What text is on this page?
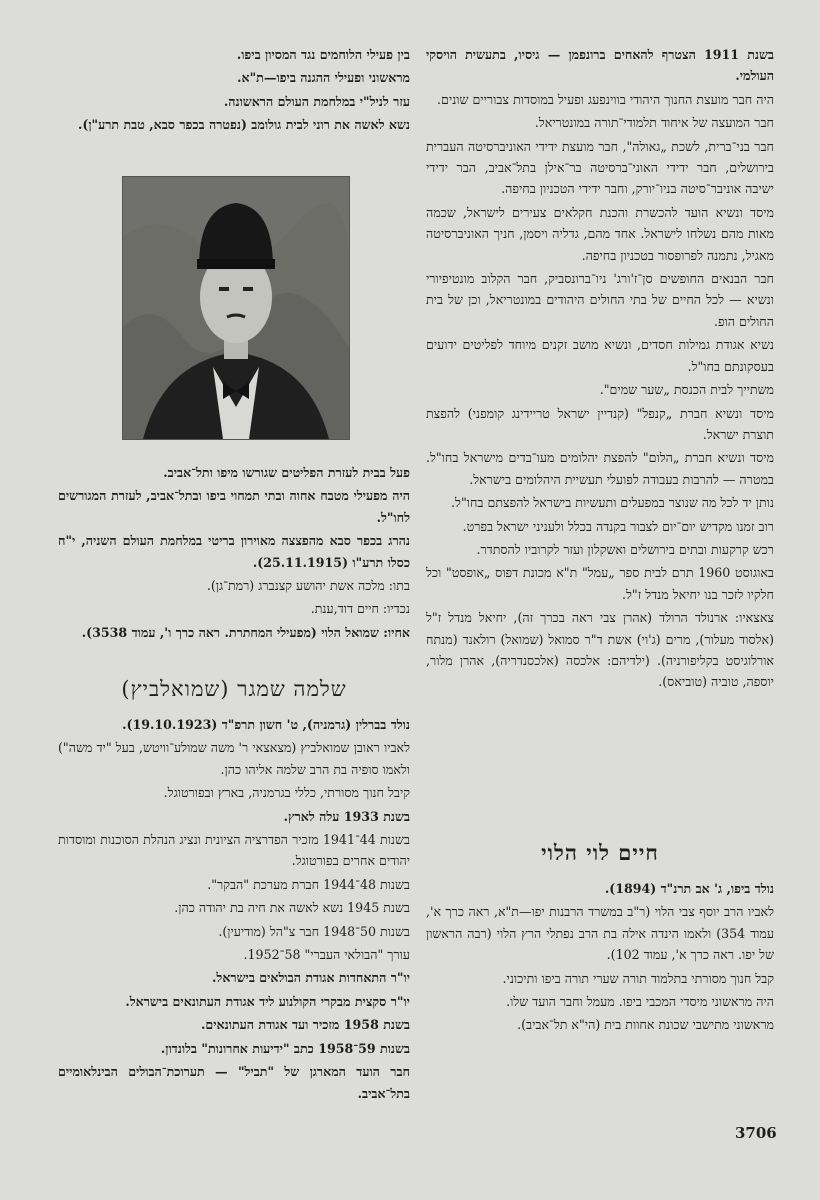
בשנת 1911 הצטרף להאחים ברונפמן — גיסיו, בתעשית הויסקי העולמי.

היה חבר מועצת החנוך היהודי בווינפעג ופעיל במוסדות צבוריים שונים.

חבר המועצה של איחוד תלמודי־תורה במונטריאל.

חבר בני־ברית, לשכת „גאולה", חבר מועצת ידידי האוניברסיטה העברית בירושלים, חבר ידידי האוני־ברסיטה בר־אילן בתל־אביב, הבר ידידי ישיבה אוניבר־סיטה בניו־יורק, וחבר ידידי הטכניון בחיפה.

מיסד ונשיא הועד להכשרת והכנת חקלאים צעירים לישראל, שכמה מאות מהם נשלחו לישראל. אחד מהם, גדליה ויסמן, חניך האוניברסיטה מאגיל, נתמנה לפרופסור בטכניון בחיפה.

חבר הבנאים החופשים סן־ז'ורג' ניו־ברונסביק, חבר הקלוב מונטיפיורי ונשיא — לכל החיים של בתי החולים היהודים במונטריאל, וכן של בית החולים הופ.

נשיא אגודת גמילות חסדים, ונשיא מושב זקנים מיוחד לפליטים ידועים בעסקונתם בחו"ל.

משתייך לבית הכנסת „שער שמים".

מיסד ונשיא חברת „קנפל" (קנדיין ישראל טריידינג קומפני) להפצת תוצרת ישראל.

מיסד ונשיא חברת „הלום" להפצת יהלומים מעו־בדים מישראל בחו"ל. במטרה — להרבות בעבודה לפועלי תעשיית היהלומים בישראל.

נותן יד לכל מה שנוצר במפעלים ותעשיות בישראל להפצתם בחו"ל.

רוב זמנו מקדיש יום־יום לצבור בקנדה בכלל ולעניני ישראל בפרט.

רכש קרקעות ובתים בירושלים ואשקלון ועזר לקרוביו להסתדר.

באוגוסט 1960 תרם לבית ספר „עמל" ת"א מכונת דפוס „אופסט" וכל חלקיו לזכר בנו יחיאל מנדל ז"ל.

צאצאיו: ארנולד הרולד (אהרן צבי ראה בכרך זה), יחיאל מנדל ז"ל (אלסוד מעלור), מרים (ג'וי) אשת ד"ר סמואל (שמואל) רולאנד (מנתח אורלוגיסט בקליפורניה). (ילדיהם: אלכסה (אלכסנדריה), אהרן מלור, יוספה, טוביה (טוביאס).

בין פעילי הלוחמים נגד המסיון ביפו.

מראשוני ופעילי ההגנה ביפו—ת"א.

עזר לניל"י במלחמת העולם הראשונה.

נשא לאשה את רוני לבית גולומב (נפטרה בכפר סבא, טבת תרע"ן).

פעל בבית לעזרת הפליטים שגורשו מיפו ותל־אביב.

היה מפעילי מטבח אחוה ובתי תמחוי ביפו ובתל־אביב, לעזרת המגורשים לחו"ל.

נהרג בכפר סבא מהפצצה מאוירון בריטי במלחמת העולם השניה, י"ח כסלו תרע"ו (25.11.1915).

בתו: מלכה אשת יהושע קצנברג (רמת־גן).

נכדיו: חיים דוד,ענת.

אחיו: שמואל הלוי (מפעילי המחתרת. ראה כרך ו', עמוד 3538).

שלמה שמגר (שמואלביץ)

נולד בברלין (גרמניה), ט' חשון תרפ"ד (19.10.1923).

לאביו ראובן שמואלביץ (מצאצאי ר' משה שמולע־וויטש, בעל "יד משה") ולאמו סופיה בת הרב שלמה אליהו כהן.

קיבל חנוך מסורתי, כללי בגרמניה, בארץ ובפורטוגל.

בשנת 1933 עלה לארץ.

בשנות 44־1941 מזכיר הפדרציה הציונית ונציג הנהלת הסוכנות ומוסדות יהודים אחרים בפורטוגל.

בשנות 48־1944 חברת מערכת "הבקר".

בשנת 1945 נשא לאשה את חיה בת יהודה כהן.

בשנות 50־1948 חבר צ"הל (מודיעין).

עורך "הבולאי העברי" 58־1952.

יו"ר התאחדות אגודת הבולאים בישראל.

יו"ר סקצית מבקרי הקולנוע ליד אגודת העתונאים בישראל.

בשנת 1958 מזכיר ועד אגודת העתונאים.

בשנות 59־1958 כתב "ידיעות אחרונות" בלונדון.

חבר הועד המארגן של "תביל" — תערוכת־הבולים הבינלאומיים בתל־אביב.

חיים לוי הלוי

נולד ביפו, ג' אב תרנ"ד (1894).

לאביו הרב יוסף צבי הלוי (ר"ב במשרד הרבנות יפו—ת"א, ראה כרך א', עמוד 354) ולאמו הינדה אילה בת הרב נפתלי הרץ הלוי (רבה הראשון של יפו. ראה כרך א', עמוד 102).

קבל חנוך מסורתי בתלמוד תורה שערי תורה ביפו ותיכוני.

היה מראשוני מיסדי המכבי ביפו. מעמל וחבר הועד שלו.

מראשוני מתישבי שכונת אחוות בית (הי"א תל־אביב).

3706
